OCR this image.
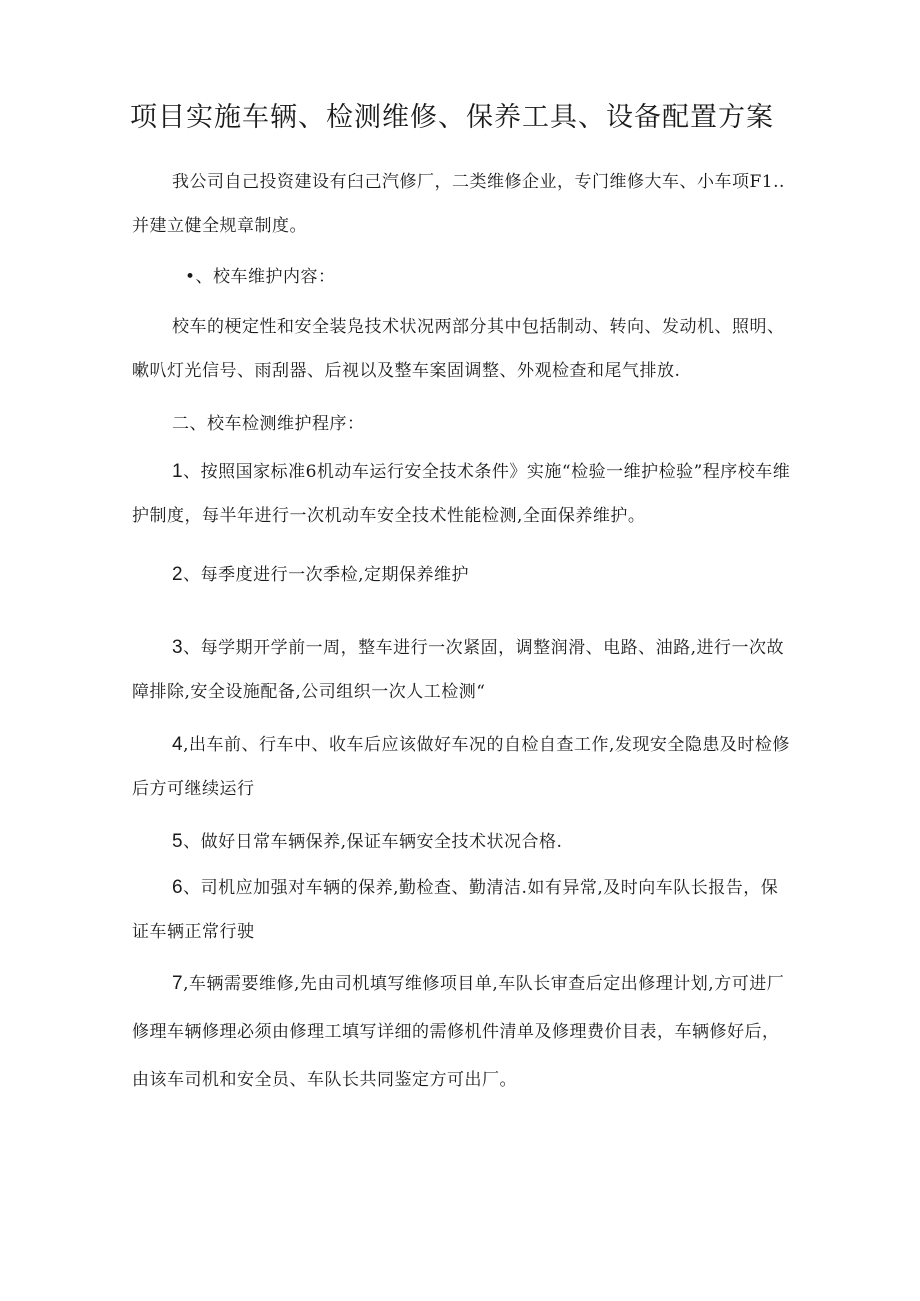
项目实施车辆、检测维修、保养工具、设备配置方案

我公司自己投资建设有臼己汽修厂，二类维修企业，专门维修大车、小车项F1..并建立健全规章制度。

•、校车维护内容：

校车的梗定性和安全装凫技术状况两部分其中包括制动、转向、发动机、照明、嗽叭灯光信号、雨刮器、后视以及整车案固调整、外观检查和尾气排放.

二、校车检测维护程序：

1、按照国家标准6机动车运行安全技术条件》实施“检验一维护检验”程序校车维护制度，每半年进行一次机动车安全技术性能检测,全面保养维护。

2、每季度进行一次季检,定期保养维护

3、每学期开学前一周，整车进行一次紧固，调整润滑、电路、油路,进行一次故障排除,安全设施配备,公司组织一次人工检测“

4,出车前、行车中、收车后应该做好车况的自检自查工作,发现安全隐患及时检修后方可继续运行

5、做好日常车辆保养,保证车辆安全技术状况合格.

6、司机应加强对车辆的保养,勤检查、勤清洁.如有异常,及时向车队长报告，保证车辆正常行驶

7,车辆需要维修,先由司机填写维修项目单,车队长审查后定出修理计划,方可进厂修理车辆修理必须由修理工填写详细的需修机件清单及修理费价目表，车辆修好后，由该车司机和安全员、车队长共同鉴定方可出厂。
